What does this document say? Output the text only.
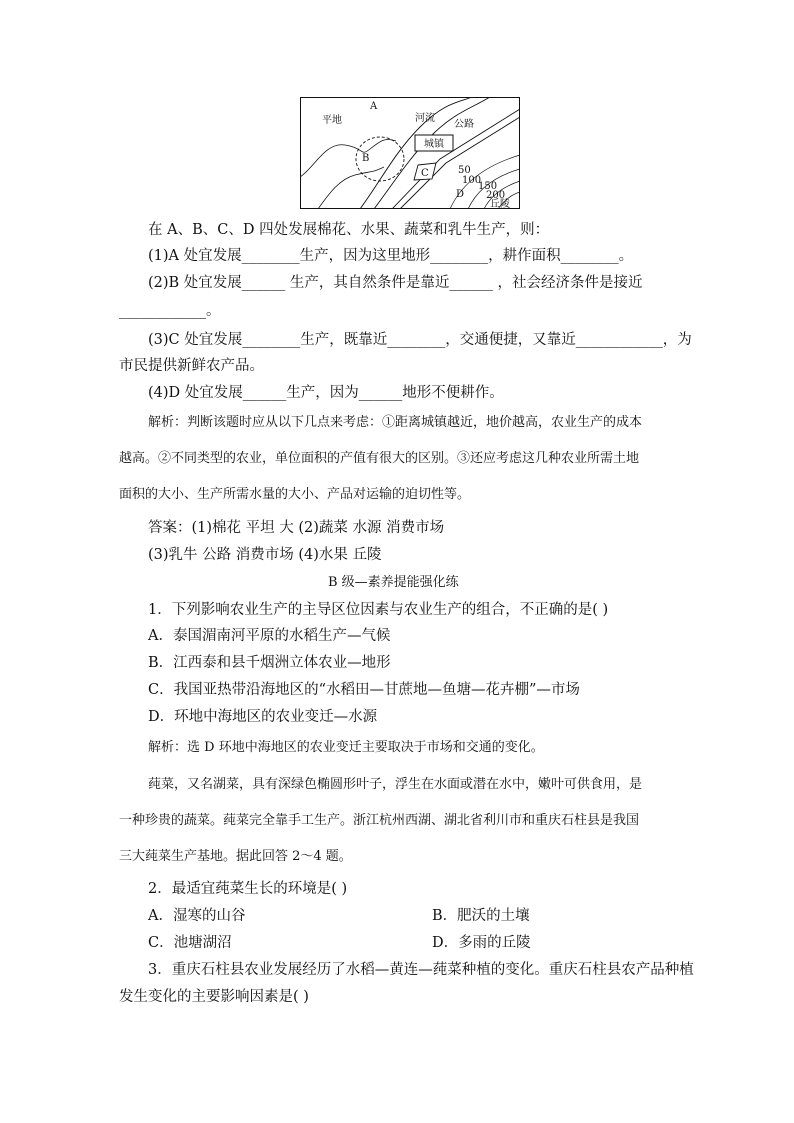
A
平地	河流
公路
B
城镇
C	50
100
150
D 200
丘陵
在 A、B、C、D 四处发展棉花、水果、蔬菜和乳牛生产，则：
(1)A 处宜发展________生产，因为这里地形________，耕作面积________。
(2)B 处宜发展______ 生产，其自然条件是靠近______ ，社会经济条件是接近
____________。
(3)C 处宜发展________生产，既靠近________，交通便捷，又靠近____________，为
市民提供新鲜农产品。
(4)D 处宜发展______生产，因为______地形不便耕作。
解析：判断该题时应从以下几点来考虑：①距离城镇越近，地价越高，农业生产的成本
越高。②不同类型的农业，单位面积的产值有很大的区别。③还应考虑这几种农业所需土地
面积的大小、生产所需水量的大小、产品对运输的迫切性等。
答案：(1)棉花 平坦 大 (2)蔬菜 水源 消费市场
(3)乳牛 公路 消费市场 (4)水果 丘陵
B 级—素养提能强化练
1．下列影响农业生产的主导区位因素与农业生产的组合，不正确的是( )
A．泰国湄南河平原的水稻生产—气候
B．江西泰和县千烟洲立体农业—地形
C．我国亚热带沿海地区的“水稻田—甘蔗地—鱼塘—花卉棚”—市场
D．环地中海地区的农业变迁—水源
解析：选 D 环地中海地区的农业变迁主要取决于市场和交通的变化。
莼菜，又名湖菜，具有深绿色椭圆形叶子，浮生在水面或潜在水中，嫩叶可供食用，是
一种珍贵的蔬菜。莼菜完全靠手工生产。浙江杭州西湖、湖北省利川市和重庆石柱县是我国
三大莼菜生产基地。据此回答 2～4 题。
2．最适宜莼菜生长的环境是( )
A．湿寒的山谷	B．肥沃的土壤
C．池塘湖沼	D．多雨的丘陵
3．重庆石柱县农业发展经历了水稻—黄连—莼菜种植的变化。重庆石柱县农产品种植
发生变化的主要影响因素是( )
